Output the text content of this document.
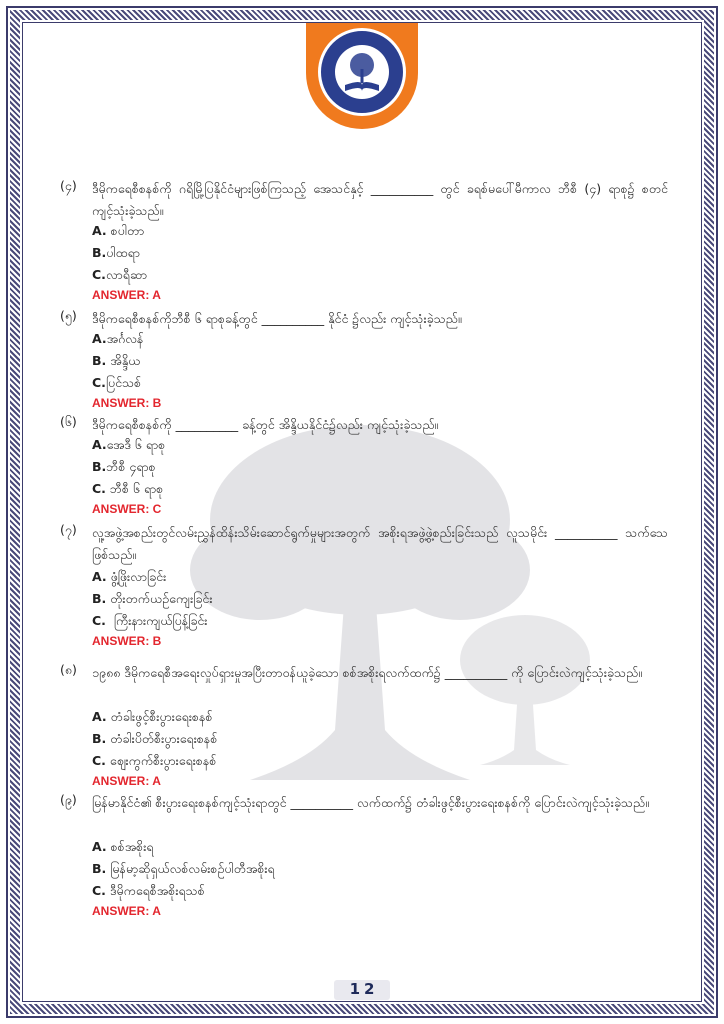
(၄)	ဒီမိုကရေစီစနစ်ကို ဂရိမြို့ပြနိုင်ငံများဖြစ်ကြသည့် အေသင်နှင့် __________ တွင် ခရစ်မပေါ်မီကာလ ဘီစီ (၄) ရာစု၌ စတင်ကျင့်သုံးခဲ့သည်။
A. စပါတာ
B.ပါထရာ
C.လာရီဆာ
ANSWER: A
(၅)	ဒီမိုကရေစီစနစ်ကိုဘီစီ ၆ ရာစုခန့်တွင် __________ နိုင်ငံ ၌လည်း ကျင့်သုံးခဲ့သည်။
A.အင်္ဂလန်
B. အိန္ဒိယ
C.ပြင်သစ်
ANSWER: B
(၆)	ဒီမိုကရေစီစနစ်ကို __________ ခန့်တွင် အိန္ဒိယနိုင်ငံ၌လည်း ကျင့်သုံးခဲ့သည်။
A.အေဒီ ၆ ရာစု
B.ဘီစီ ၄ရာစု
C. ဘီစီ ၆ ရာစု
ANSWER: C
(၇)	လူ့အဖွဲ့အစည်းတွင်လမ်းညွှန်ထိန်းသိမ်းဆောင်ရွက်မှုများအတွက် အစိုးရအဖွဲ့ဖွဲ့စည်းခြင်းသည် လူသမိုင်း __________ သက်သေဖြစ်သည်။
A. ဖွံ့ဖြိုးလာခြင်း
B. တိုးတက်ယဉ်ကျေးခြင်း
C. ကြီးနားကျယ်ပြန့်ခြင်း
ANSWER: B
(၈)	၁၉၈၈ ဒီမိုကရေစီအရေးလှုပ်ရှားမှုအပြီးတာဝန်ယူခဲ့သော စစ်အစိုးရလက်ထက်၌ __________ ကို ပြောင်းလဲကျင့်သုံးခဲ့သည်။
A. တံခါးဖွင့်စီးပွားရေးစနစ်
B. တံခါးပိတ်စီးပွားရေးစနစ်
C. ဈေးကွက်စီးပွားရေးစနစ်
ANSWER: A
(၉)	မြန်မာနိုင်ငံ၏ စီးပွားရေးစနစ်ကျင့်သုံးရာတွင် __________ လက်ထက်၌ တံခါးဖွင့်စီးပွားရေးစနစ်ကို ပြောင်းလဲကျင့်သုံးခဲ့သည်။
A. စစ်အစိုးရ
B. မြန်မာ့ဆိုရှယ်လစ်လမ်းစဉ်ပါတီအစိုးရ
C. ဒီမိုကရေစီအစိုးရသစ်
ANSWER: A
1 2
